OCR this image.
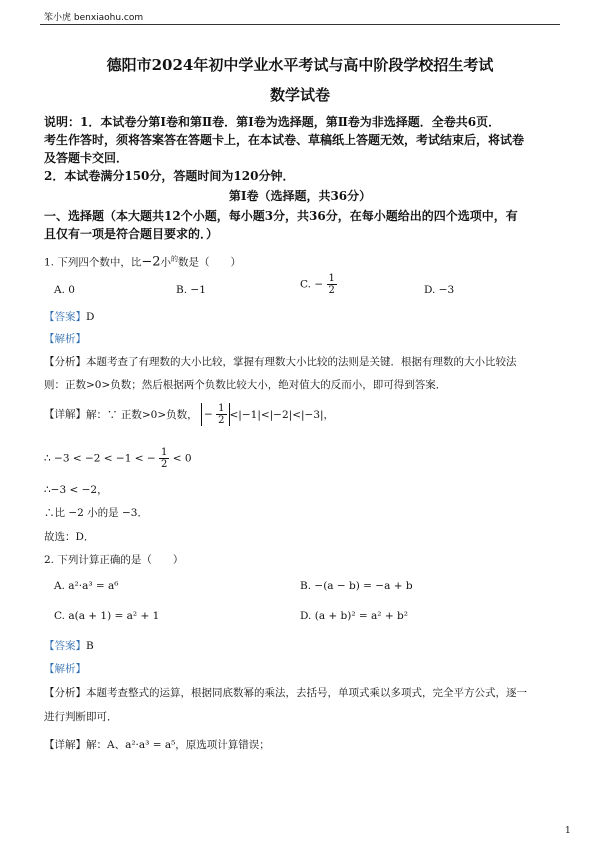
笨小虎 benxiaohu.com
德阳市2024年初中学业水平考试与高中阶段学校招生考试
数学试卷
说明：1．本试卷分第Ⅰ卷和第Ⅱ卷．第Ⅰ卷为选择题，第Ⅱ卷为非选择题．全卷共6页．
考生作答时，须将答案答在答题卡上，在本试卷、草稿纸上答题无效，考试结束后，将试卷
及答题卡交回．
2．本试卷满分150分，答题时间为120分钟．
第Ⅰ卷（选择题，共36分）
一、选择题（本大题共12个小题，每小题3分，共36分，在每小题给出的四个选项中，有
且仅有一项是符合题目要求的．）
1. 下列四个数中，比−2小$^的$数是（　　）
A. 0	B. −1	C. − $\frac{1}{2}$	D. −3
【答案】D
【解析】
【分析】本题考查了有理数的大小比较，掌握有理数大小比较的法则是关键．根据有理数的大小比较法
则：正数>0>负数；然后根据两个负数比较大小，绝对值大的反而小，即可得到答案．
【详解】解：∵ 正数>0>负数， − $\frac{1}{2} <|-1|<|-2|<|-3|$，
∴ −3 < −2 < −1 < − $\frac{1}{2} < 0$
∴−3 < −2，
∴比 −2 小的是 −3．
故选：D．
2. 下列计算正确的是（　　）
A. a²·a³ = a⁶	B. −(a − b) = −a + b
C. a(a + 1) = a² + 1	D. (a + b)² = a² + b²
【答案】B
【解析】
【分析】本题考查整式的运算，根据同底数幂的乘法，去括号，单项式乘以多项式，完全平方公式，逐一
进行判断即可．
【详解】解：A、a²·a³ = a⁵，原选项计算错误；
1
